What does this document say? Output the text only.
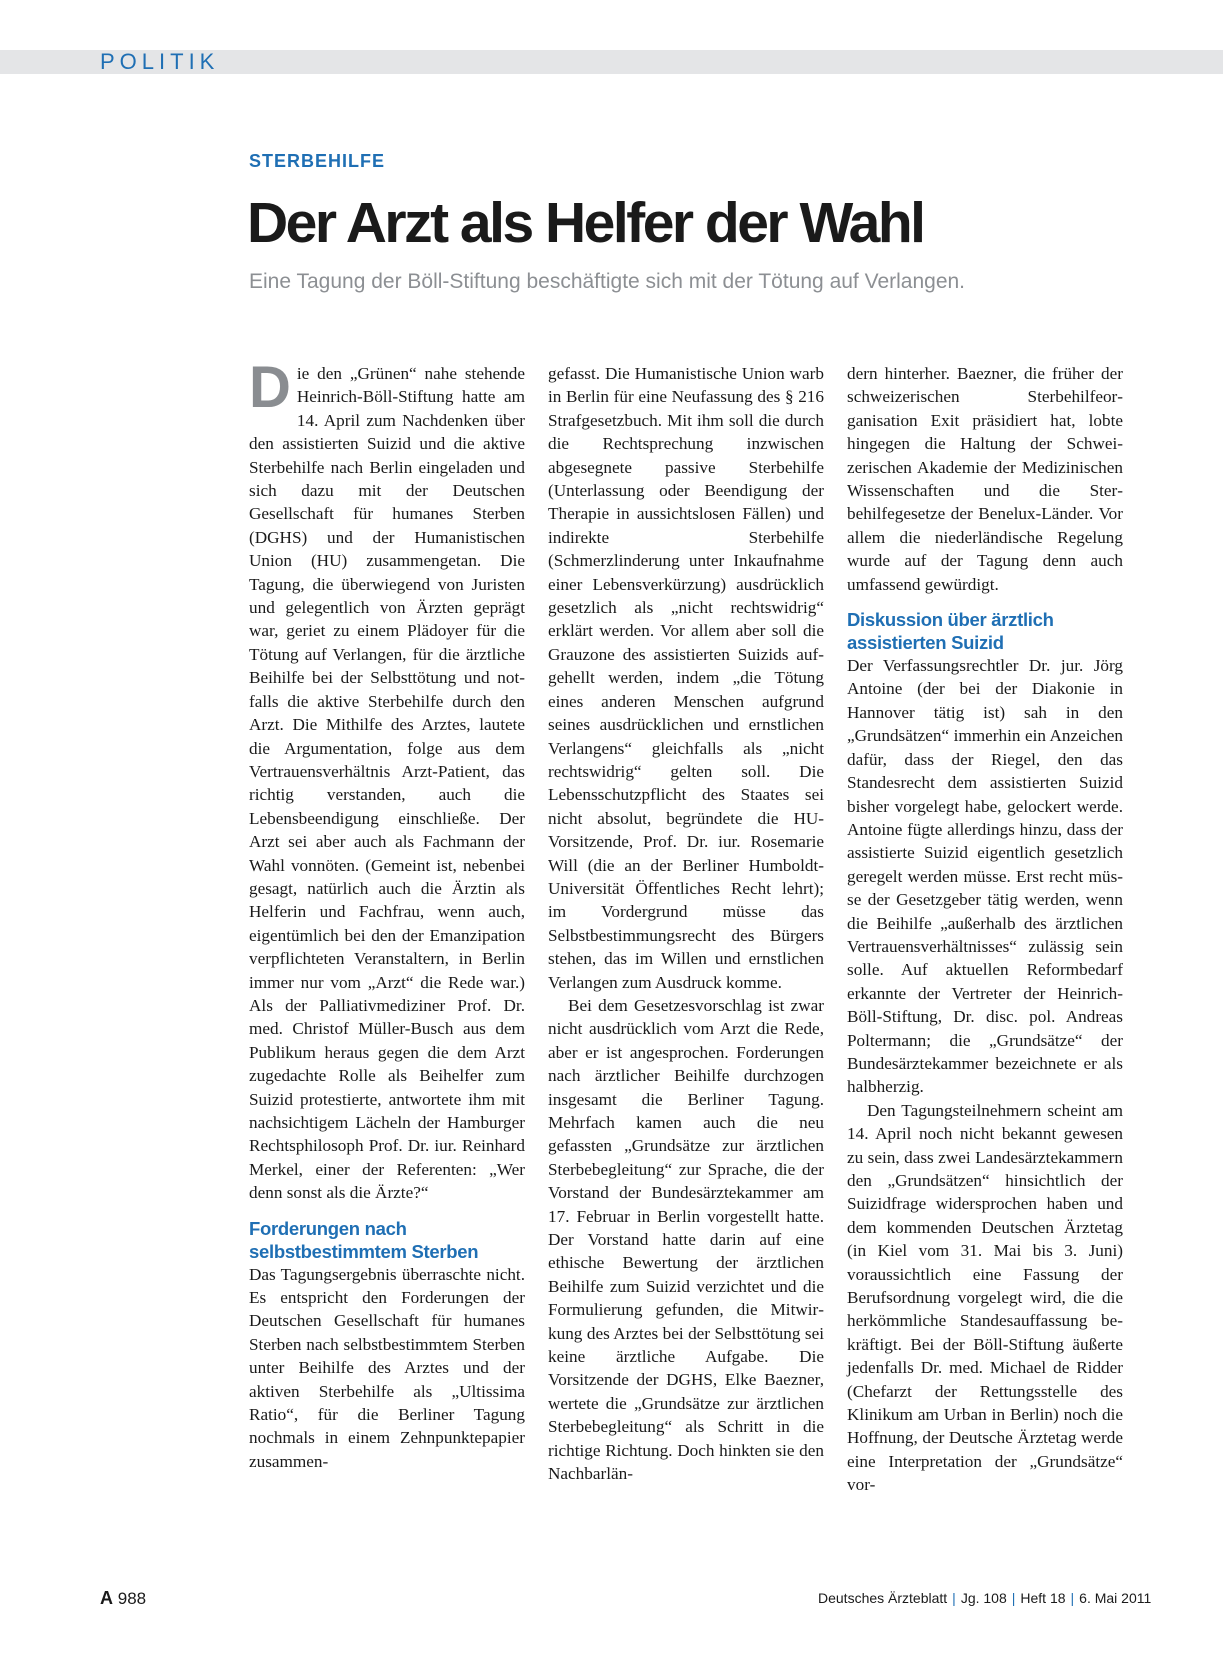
POLITIK
STERBEHILFE
Der Arzt als Helfer der Wahl
Eine Tagung der Böll-Stiftung beschäftigte sich mit der Tötung auf Verlangen.

Die den „Grünen“ nahe stehende Heinrich-Böll-Stiftung hatte am 14. April zum Nachdenken über den assistierten Suizid und die aktive Sterbehilfe nach Berlin eingeladen und sich dazu mit der Deutschen Gesellschaft für humanes Sterben (DGHS) und der Humanistischen Union (HU) zusammengetan. Die Tagung, die überwiegend von Juristen und gelegentlich von Ärzten geprägt war, geriet zu einem Plädoyer für die Tötung auf Verlangen, für die ärztliche Beihilfe bei der Selbsttötung und notfalls die aktive Sterbehilfe durch den Arzt. Die Mithilfe des Arztes, lautete die Argumentation, folge aus dem Vertrauensverhältnis Arzt-Patient, das richtig verstanden, auch die Lebensbeendigung einschließe. Der Arzt sei aber auch als Fachmann der Wahl vonnöten. (Gemeint ist, nebenbei gesagt, natürlich auch die Ärztin als Helferin und Fachfrau, wenn auch, eigentümlich bei den der Emanzipation verpflichteten Veranstaltern, in Berlin immer nur vom „Arzt“ die Rede war.) Als der Palliativmediziner Prof. Dr. med. Christof Müller-Busch aus dem Publikum heraus gegen die dem Arzt zugedachte Rolle als Beihelfer zum Suizid protestierte, antwortete ihm mit nachsichtigem Lächeln der Hamburger Rechtsphilosoph Prof. Dr. iur. Reinhard Merkel, einer der Referenten: „Wer denn sonst als die Ärzte?“

Forderungen nach selbstbestimmtem Sterben

Das Tagungsergebnis überraschte nicht. Es entspricht den Forderungen der Deutschen Gesellschaft für humanes Sterben nach selbstbestimmtem Sterben unter Beihilfe des Arztes und der aktiven Sterbehilfe als „Ultissima Ratio“, für die Berliner Tagung nochmals in einem Zehnpunktepapier zusammen-

gefasst. Die Humanistische Union warb in Berlin für eine Neufassung des § 216 Strafgesetzbuch. Mit ihm soll die durch die Rechtsprechung inzwischen abgesegnete passive Sterbehilfe (Unterlassung oder Beendigung der Therapie in aussichtslosen Fällen) und indirekte Sterbehilfe (Schmerzlinderung unter Inkaufnahme einer Lebensverkürzung) ausdrücklich gesetzlich als „nicht rechtswidrig“ erklärt werden. Vor allem aber soll die Grauzone des assistierten Suizids aufgehellt werden, indem „die Tötung eines anderen Menschen aufgrund seines ausdrücklichen und ernstlichen Verlangens“ gleichfalls als „nicht rechtswidrig“ gelten soll. Die Lebensschutzpflicht des Staates sei nicht absolut, begründete die HU-Vorsitzende, Prof. Dr. iur. Rosemarie Will (die an der Berliner Humboldt-Universität Öffentliches Recht lehrt); im Vordergrund müsse das Selbstbestimmungsrecht des Bürgers stehen, das im Willen und ernstlichen Verlangen zum Ausdruck komme.

Bei dem Gesetzesvorschlag ist zwar nicht ausdrücklich vom Arzt die Rede, aber er ist angesprochen. Forderungen nach ärztlicher Beihilfe durchzogen insgesamt die Berliner Tagung. Mehrfach kamen auch die neu gefassten „Grundsätze zur ärztlichen Sterbebegleitung“ zur Sprache, die der Vorstand der Bundesärztekammer am 17. Februar in Berlin vorgestellt hatte. Der Vorstand hatte darin auf eine ethische Bewertung der ärztlichen Beihilfe zum Suizid verzichtet und die Formulierung gefunden, die Mitwirkung des Arztes bei der Selbsttötung sei keine ärztliche Aufgabe. Die Vorsitzende der DGHS, Elke Baezner, wertete die „Grundsätze zur ärztlichen Sterbebegleitung“ als Schritt in die richtige Richtung. Doch hinkten sie den Nachbarlän-

dern hinterher. Baezner, die früher der schweizerischen Sterbehilfeorganisation Exit präsidiert hat, lobte hingegen die Haltung der Schweizerischen Akademie der Medizinischen Wissenschaften und die Sterbehilfegesetze der Benelux-Länder. Vor allem die niederländische Regelung wurde auf der Tagung denn auch umfassend gewürdigt.

Diskussion über ärztlich assistierten Suizid

Der Verfassungsrechtler Dr. jur. Jörg Antoine (der bei der Diakonie in Hannover tätig ist) sah in den „Grundsätzen“ immerhin ein Anzeichen dafür, dass der Riegel, den das Standesrecht dem assistierten Suizid bisher vorgelegt habe, gelockert werde. Antoine fügte allerdings hinzu, dass der assistierte Suizid eigentlich gesetzlich geregelt werden müsse. Erst recht müsse der Gesetzgeber tätig werden, wenn die Beihilfe „außerhalb des ärztlichen Vertrauensverhältnisses“ zulässig sein solle. Auf aktuellen Reformbedarf erkannte der Vertreter der Heinrich-Böll-Stiftung, Dr. disc. pol. Andreas Poltermann; die „Grundsätze“ der Bundesärztekammer bezeichnete er als halbherzig.

Den Tagungsteilnehmern scheint am 14. April noch nicht bekannt gewesen zu sein, dass zwei Landesärztekammern den „Grundsätzen“ hinsichtlich der Suizidfrage widersprochen haben und dem kommenden Deutschen Ärztetag (in Kiel vom 31. Mai bis 3. Juni) voraussichtlich eine Fassung der Berufsordnung vorgelegt wird, die die herkömmliche Standesauffassung bekräftigt. Bei der Böll-Stiftung äußerte jedenfalls Dr. med. Michael de Ridder (Chefarzt der Rettungsstelle des Klinikum am Urban in Berlin) noch die Hoffnung, der Deutsche Ärztetag werde eine Interpretation der „Grundsätze“ vor-

A 988	Deutsches Ärzteblatt | Jg. 108 | Heft 18 | 6. Mai 2011
